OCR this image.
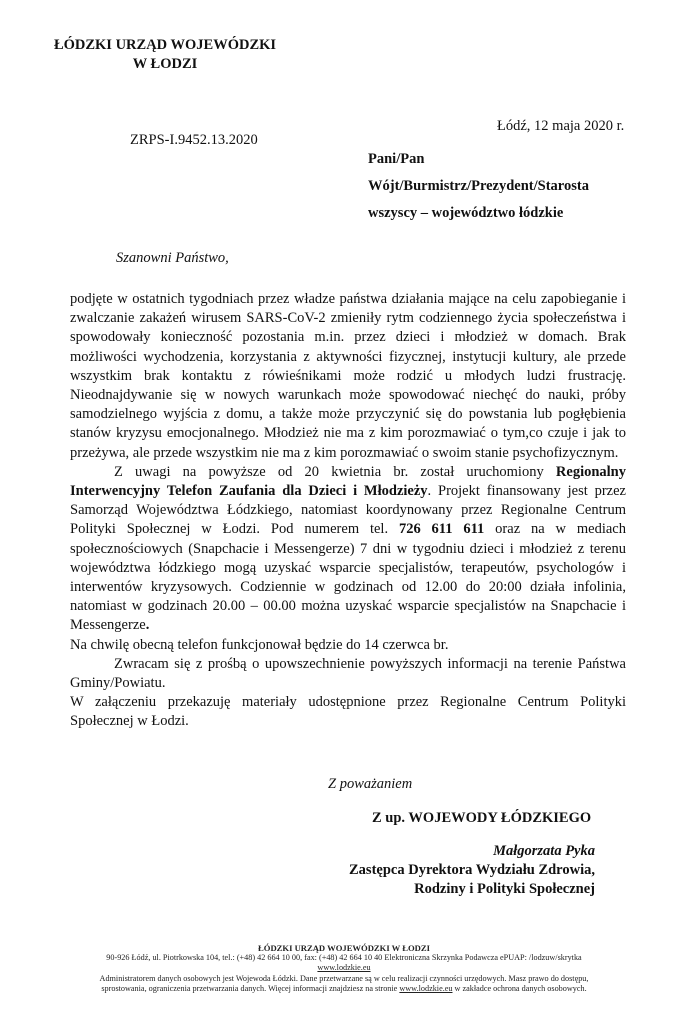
ŁÓDZKI URZĄD WOJEWÓDZKI
W ŁODZI
Łódź, 12 maja 2020 r.
ZRPS-I.9452.13.2020
Pani/Pan
Wójt/Burmistrz/Prezydent/Starosta
wszyscy – województwo łódzkie
Szanowni Państwo,

podjęte w ostatnich tygodniach przez władze państwa działania mające na celu zapobieganie i zwalczanie zakażeń wirusem SARS-CoV-2 zmieniły rytm codziennego życia społeczeństwa i spowodowały konieczność pozostania m.in. przez dzieci i młodzież w domach. Brak możliwości wychodzenia, korzystania z aktywności fizycznej, instytucji kultury, ale przede wszystkim brak kontaktu z rówieśnikami może rodzić u młodych ludzi frustrację. Nieodnajdywanie się w nowych warunkach może spowodować niechęć do nauki, próby samodzielnego wyjścia z domu, a także może przyczynić się do powstania lub pogłębienia stanów kryzysu emocjonalnego. Młodzież nie ma z kim porozmawiać o tym,co czuje i jak to przeżywa, ale przede wszystkim nie ma z kim porozmawiać o swoim stanie psychofizycznym.

Z uwagi na powyższe od 20 kwietnia br. został uruchomiony Regionalny Interwencyjny Telefon Zaufania dla Dzieci i Młodzieży. Projekt finansowany jest przez Samorząd Województwa Łódzkiego, natomiast koordynowany przez Regionalne Centrum Polityki Społecznej w Łodzi. Pod numerem tel. 726 611 611 oraz na w mediach społecznościowych (Snapchacie i Messengerze) 7 dni w tygodniu dzieci i młodzież z terenu województwa łódzkiego mogą uzyskać wsparcie specjalistów, terapeutów, psychologów i interwentów kryzysowych. Codziennie w godzinach od 12.00 do 20:00 działa infolinia, natomiast w godzinach 20.00 – 00.00 można uzyskać wsparcie specjalistów na Snapchacie i Messengerze.

Na chwilę obecną telefon funkcjonował będzie do 14 czerwca br.

Zwracam się z prośbą o upowszechnienie powyższych informacji na terenie Państwa Gminy/Powiatu.

W załączeniu przekazuję materiały udostępnione przez Regionalne Centrum Polityki Społecznej w Łodzi.

Z poważaniem
Z up. WOJEWODY ŁÓDZKIEGO
Małgorzata Pyka
Zastępca Dyrektora Wydziału Zdrowia,
Rodziny i Polityki Społecznej
ŁÓDZKI URZĄD WOJEWÓDZKI W ŁODZI
90-926 Łódź, ul. Piotrkowska 104, tel.: (+48) 42 664 10 00, fax: (+48) 42 664 10 40 Elektroniczna Skrzynka Podawcza ePUAP: /lodzuw/skrytka
www.lodzkie.eu
Administratorem danych osobowych jest Wojewoda Łódzki. Dane przetwarzane są w celu realizacji czynności urzędowych. Masz prawo do dostępu,
sprostowania, ograniczenia przetwarzania danych. Więcej informacji znajdziesz na stronie www.lodzkie.eu w zakładce ochrona danych osobowych.
